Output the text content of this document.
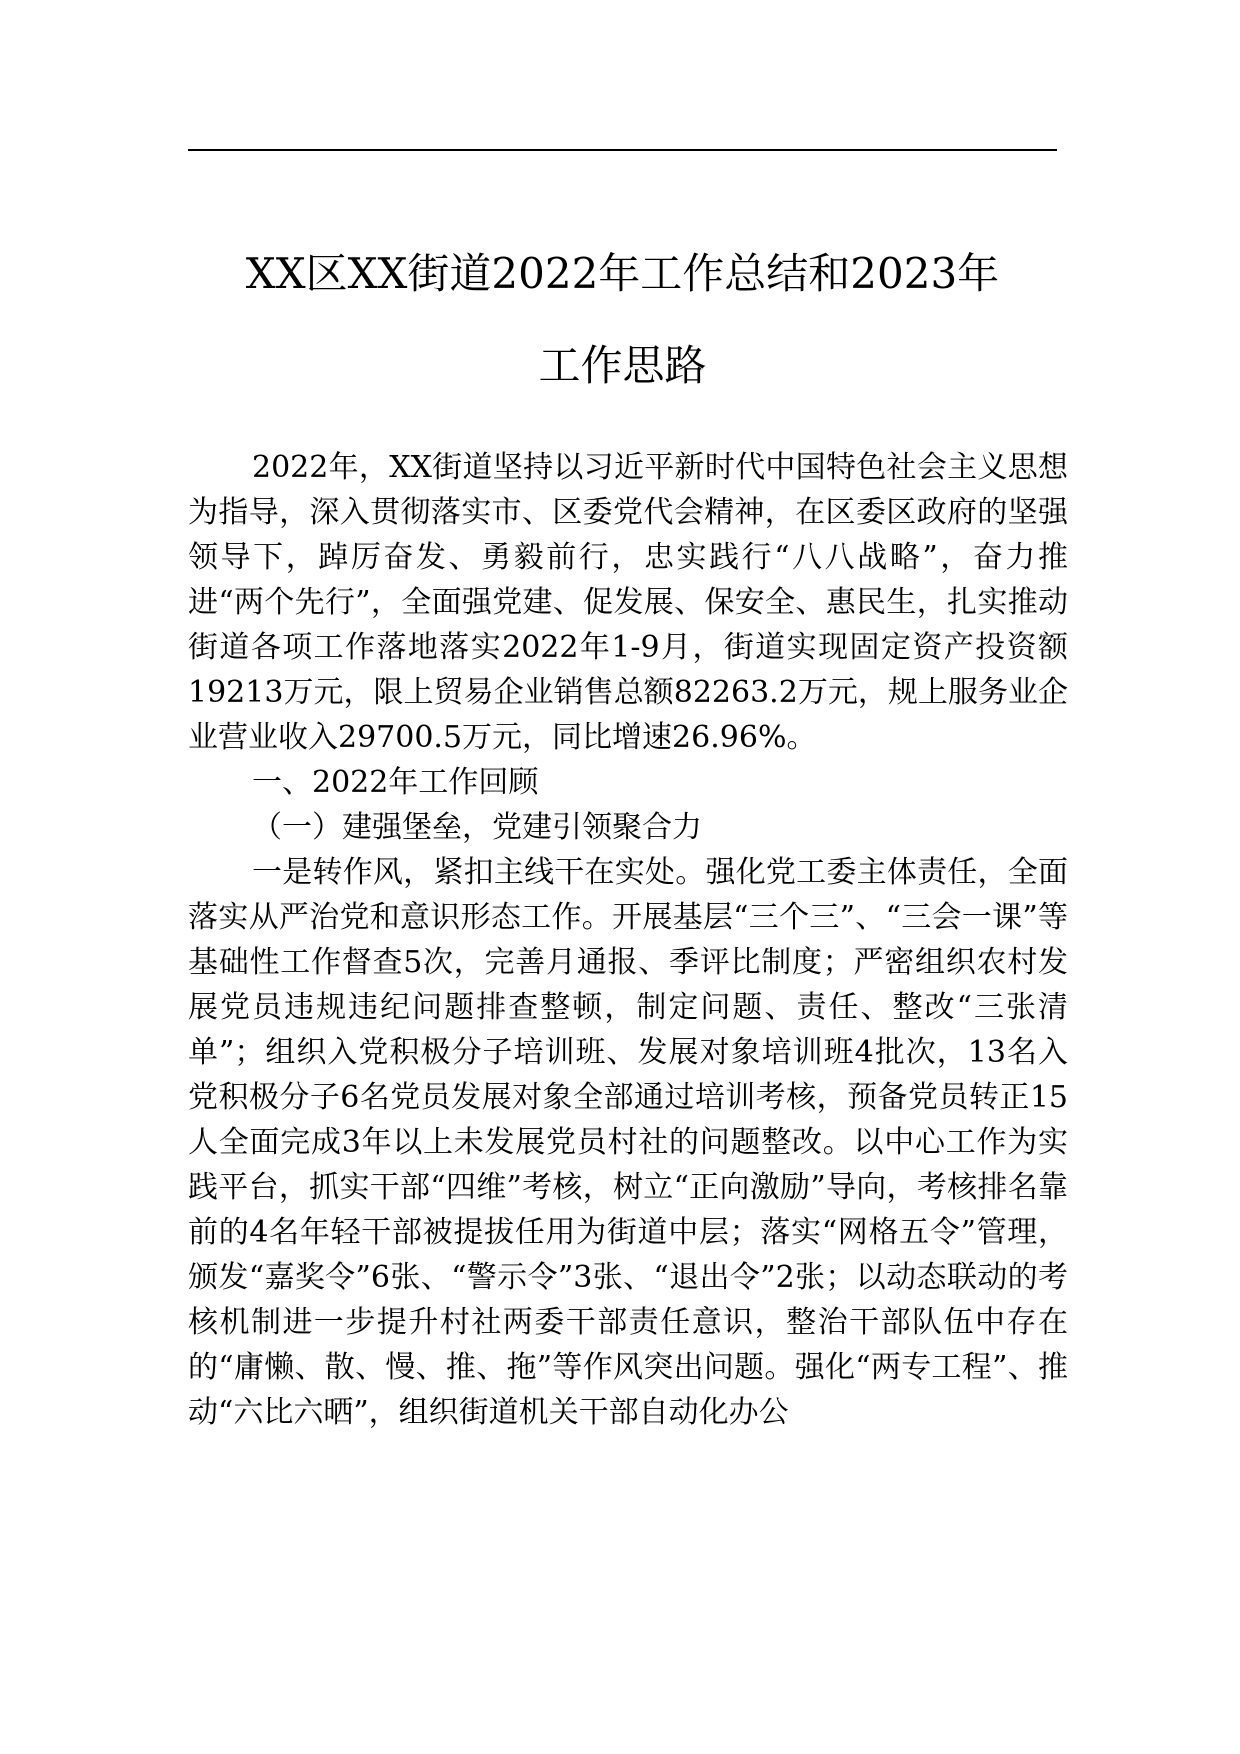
XX区XX街道2022年工作总结和2023年
工作思路

2022年，XX街道坚持以习近平新时代中国特色社会主义思想为指导，深入贯彻落实市、区委党代会精神，在区委区政府的坚强领导下，踔厉奋发、勇毅前行，忠实践行“八八战略”，奋力推进“两个先行”，全面强党建、促发展、保安全、惠民生，扎实推动街道各项工作落地落实2022年1-9月，街道实现固定资产投资额19213万元，限上贸易企业销售总额82263.2万元，规上服务业企业营业收入29700.5万元，同比增速26.96%。

一、2022年工作回顾

（一）建强堡垒，党建引领聚合力

一是转作风，紧扣主线干在实处。强化党工委主体责任，全面落实从严治党和意识形态工作。开展基层“三个三”、“三会一课”等基础性工作督查5次，完善月通报、季评比制度；严密组织农村发展党员违规违纪问题排查整顿，制定问题、责任、整改“三张清单”；组织入党积极分子培训班、发展对象培训班4批次，13名入党积极分子6名党员发展对象全部通过培训考核，预备党员转正15人全面完成3年以上未发展党员村社的问题整改。以中心工作为实践平台，抓实干部“四维”考核，树立“正向激励”导向，考核排名靠前的4名年轻干部被提拔任用为街道中层；落实“网格五令”管理，颁发“嘉奖令”6张、“警示令”3张、“退出令”2张；以动态联动的考核机制进一步提升村社两委干部责任意识，整治干部队伍中存在的“庸懒、散、慢、推、拖”等作风突出问题。强化“两专工程”、推动“六比六晒”，组织街道机关干部自动化办公
